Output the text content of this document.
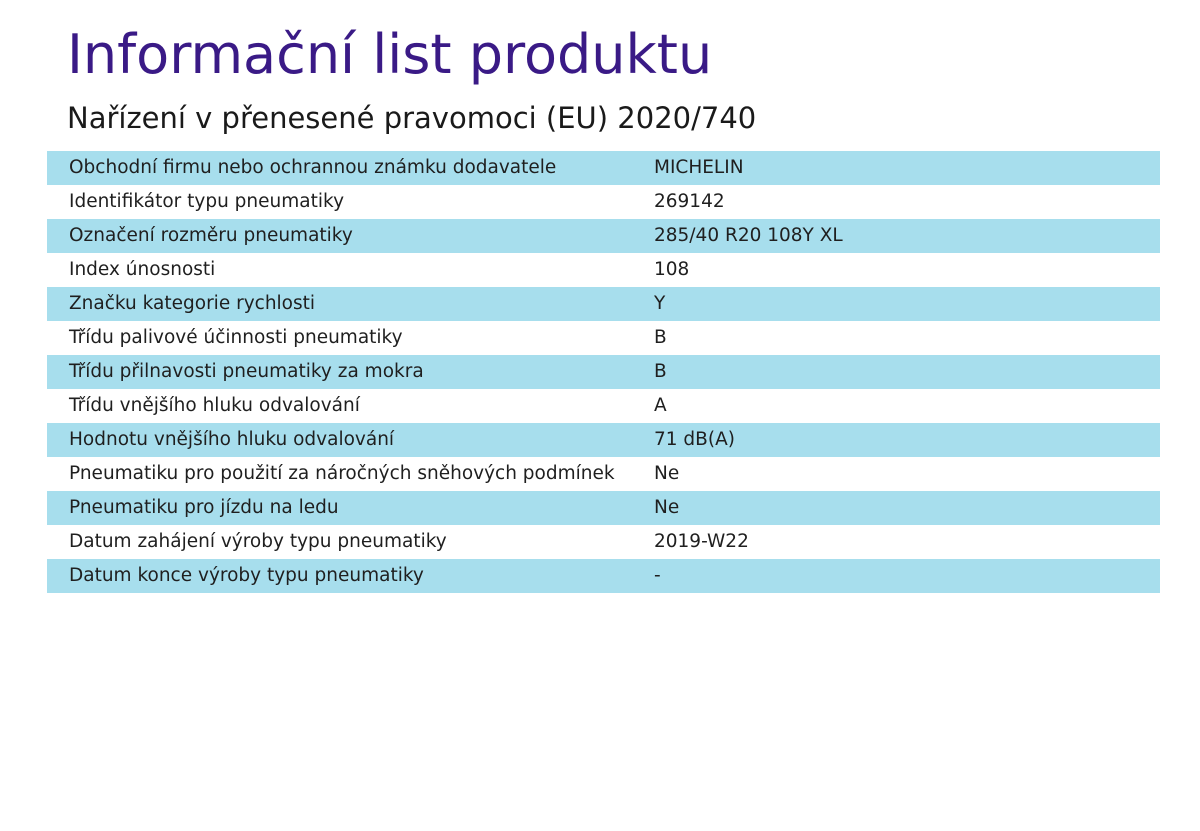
Informační list produktu
Nařízení v přenesené pravomoci (EU) 2020/740
Obchodní firmu nebo ochrannou známku dodavatele	MICHELIN
Identifikátor typu pneumatiky	269142
Označení rozměru pneumatiky	285/40 R20 108Y XL
Index únosnosti	108
Značku kategorie rychlosti	Y
Třídu palivové účinnosti pneumatiky	B
Třídu přilnavosti pneumatiky za mokra	B
Třídu vnějšího hluku odvalování	A
Hodnotu vnějšího hluku odvalování	71 dB(A)
Pneumatiku pro použití za náročných sněhových podmínek	Ne
Pneumatiku pro jízdu na ledu	Ne
Datum zahájení výroby typu pneumatiky	2019-W22
Datum konce výroby typu pneumatiky	-
